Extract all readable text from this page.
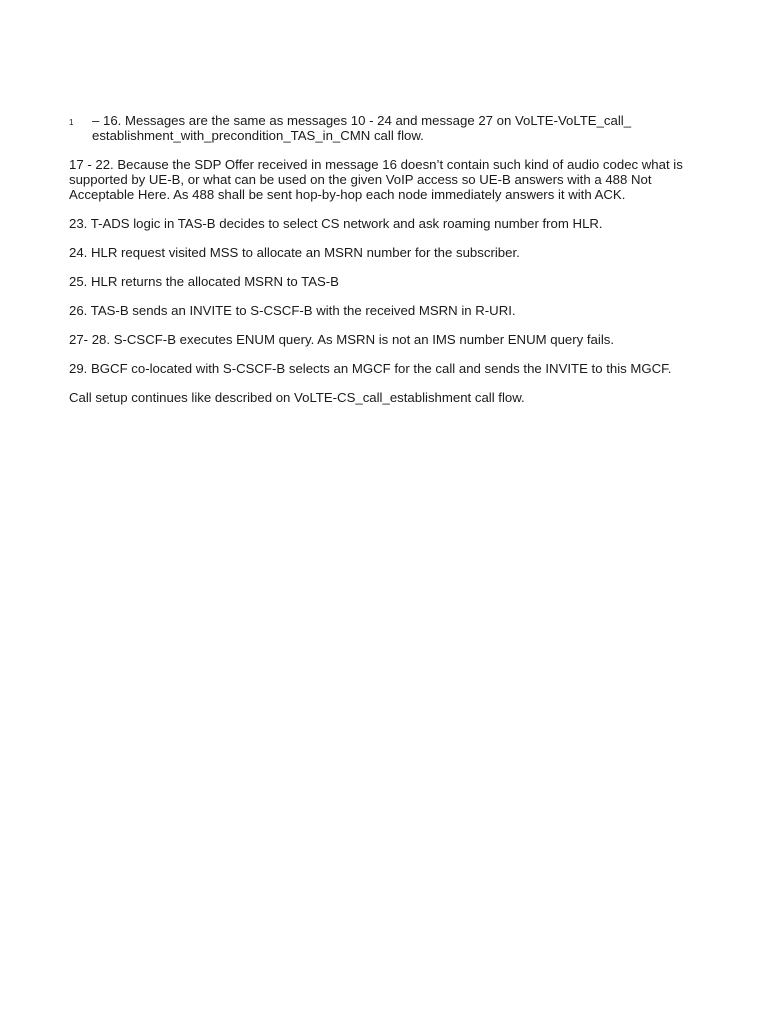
1	– 16. Messages are the same as messages 10 - 24 and message 27 on VoLTE-VoLTE_call_
establishment_with_precondition_TAS_in_CMN call flow.

17 - 22. Because the SDP Offer received in message 16 doesn’t contain such kind of audio codec what is supported by UE-B, or what can be used on the given VoIP access so UE-B answers with a 488 Not Acceptable Here. As 488 shall be sent hop-by-hop each node immediately answers it with ACK.

23. T-ADS logic in TAS-B decides to select CS network and ask roaming number from HLR.

24. HLR request visited MSS to allocate an MSRN number for the subscriber.

25. HLR returns the allocated MSRN to TAS-B

26. TAS-B sends an INVITE to S-CSCF-B with the received MSRN in R-URI.

27- 28. S-CSCF-B executes ENUM query. As MSRN is not an IMS number ENUM query fails.

29. BGCF co-located with S-CSCF-B selects an MGCF for the call and sends the INVITE to this MGCF.

Call setup continues like described on VoLTE-CS_call_establishment call flow.
